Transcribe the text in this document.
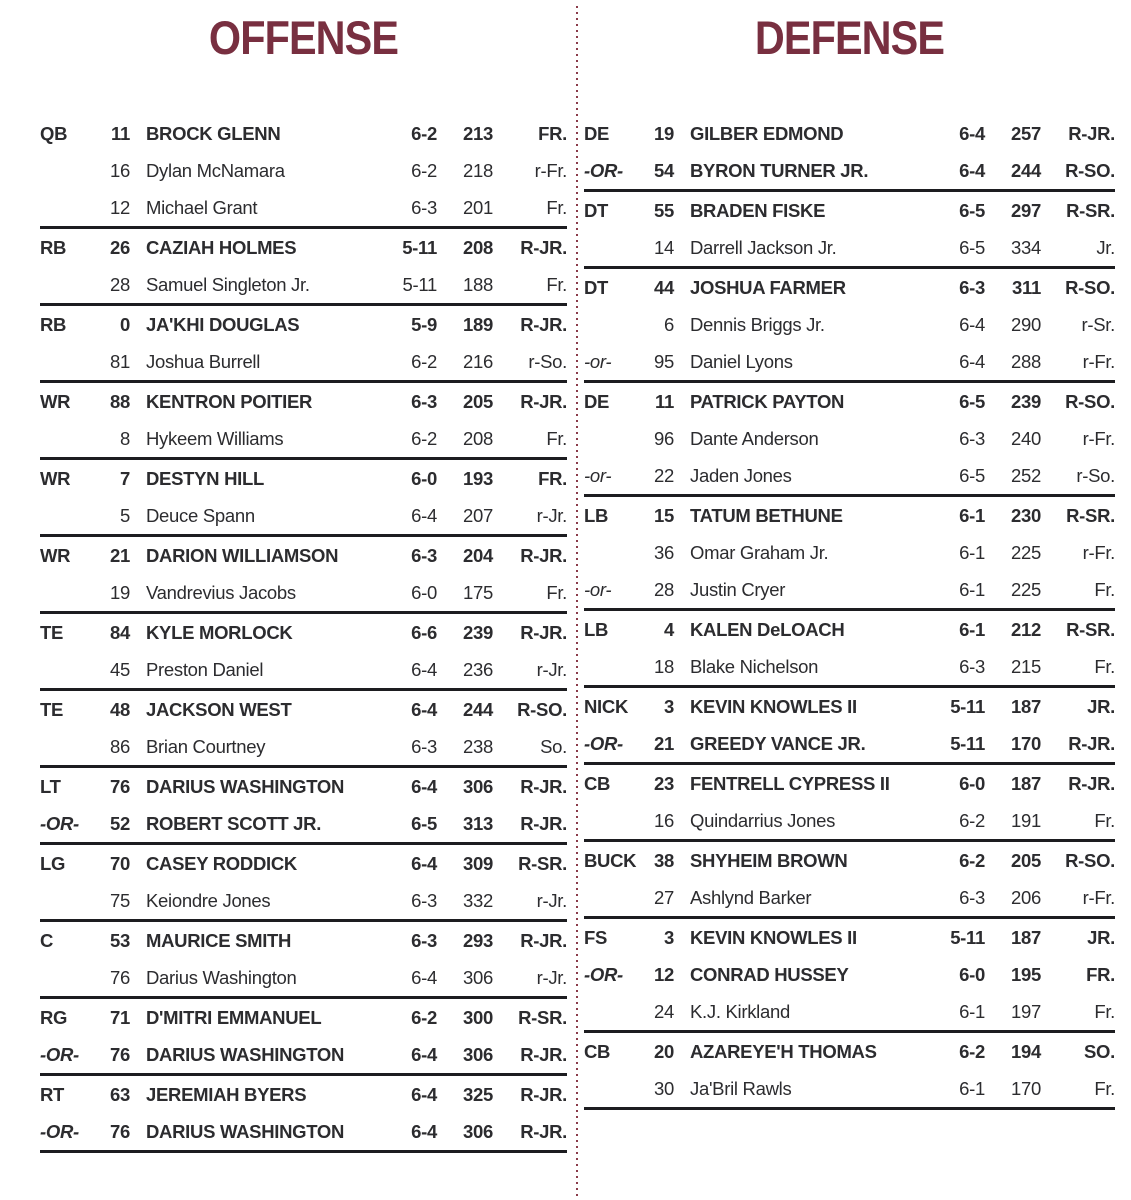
OFFENSE
QB	11 BROCK GLENN	6-2	213	FR.
16 Dylan McNamara	6-2	218	r-Fr.
12 Michael Grant	6-3	201	Fr.
RB	26 CAZIAH HOLMES	5-11	208	R-JR.
28 Samuel Singleton Jr.	5-11	188	Fr.
RB	0 JA'KHI DOUGLAS	5-9	189	R-JR.
81 Joshua Burrell	6-2	216	r-So.
WR	88 KENTRON POITIER	6-3	205	R-JR.
8 Hykeem Williams	6-2	208	Fr.
WR	7 DESTYN HILL	6-0	193	FR.
5 Deuce Spann	6-4	207	r-Jr.
WR	21 DARION WILLIAMSON	6-3	204	R-JR.
19 Vandrevius Jacobs	6-0	175	Fr.
TE	84 KYLE MORLOCK	6-6	239	R-JR.
45 Preston Daniel	6-4	236	r-Jr.
TE	48 JACKSON WEST	6-4	244	R-SO.
86 Brian Courtney	6-3	238	So.
LT	76 DARIUS WASHINGTON	6-4	306	R-JR.
-OR-	52 ROBERT SCOTT JR.	6-5	313	R-JR.
LG	70 CASEY RODDICK	6-4	309	R-SR.
75 Keiondre Jones	6-3	332	r-Jr.
C	53 MAURICE SMITH	6-3	293	R-JR.
76 Darius Washington	6-4	306	r-Jr.
RG	71 D'MITRI EMMANUEL	6-2	300	R-SR.
-OR-	76 DARIUS WASHINGTON	6-4	306	R-JR.
RT	63 JEREMIAH BYERS	6-4	325	R-JR.
-OR-	76 DARIUS WASHINGTON	6-4	306	R-JR.
DEFENSE
DE	19 GILBER EDMOND	6-4	257	R-JR.
-OR-	54 BYRON TURNER JR.	6-4	244	R-SO.
DT	55 BRADEN FISKE	6-5	297	R-SR.
14 Darrell Jackson Jr.	6-5	334	Jr.
DT	44 JOSHUA FARMER	6-3	311	R-SO.
6 Dennis Briggs Jr.	6-4	290	r-Sr.
-or-	95 Daniel Lyons	6-4	288	r-Fr.
DE	11 PATRICK PAYTON	6-5	239	R-SO.
96 Dante Anderson	6-3	240	r-Fr.
-or-	22 Jaden Jones	6-5	252	r-So.
LB	15 TATUM BETHUNE	6-1	230	R-SR.
36 Omar Graham Jr.	6-1	225	r-Fr.
-or-	28 Justin Cryer	6-1	225	Fr.
LB	4 KALEN DeLOACH	6-1	212	R-SR.
18 Blake Nichelson	6-3	215	Fr.
NICK	3 KEVIN KNOWLES II	5-11	187	JR.
-OR-	21 GREEDY VANCE JR.	5-11	170	R-JR.
CB	23 FENTRELL CYPRESS II	6-0	187	R-JR.
16 Quindarrius Jones	6-2	191	Fr.
BUCK 38 SHYHEIM BROWN	6-2	205	R-SO.
27 Ashlynd Barker	6-3	206	r-Fr.
FS	3 KEVIN KNOWLES II	5-11	187	JR.
-OR-	12 CONRAD HUSSEY	6-0	195	FR.
24 K.J. Kirkland	6-1	197	Fr.
CB	20 AZAREYE'H THOMAS	6-2	194	SO.
30 Ja'Bril Rawls	6-1	170	Fr.
